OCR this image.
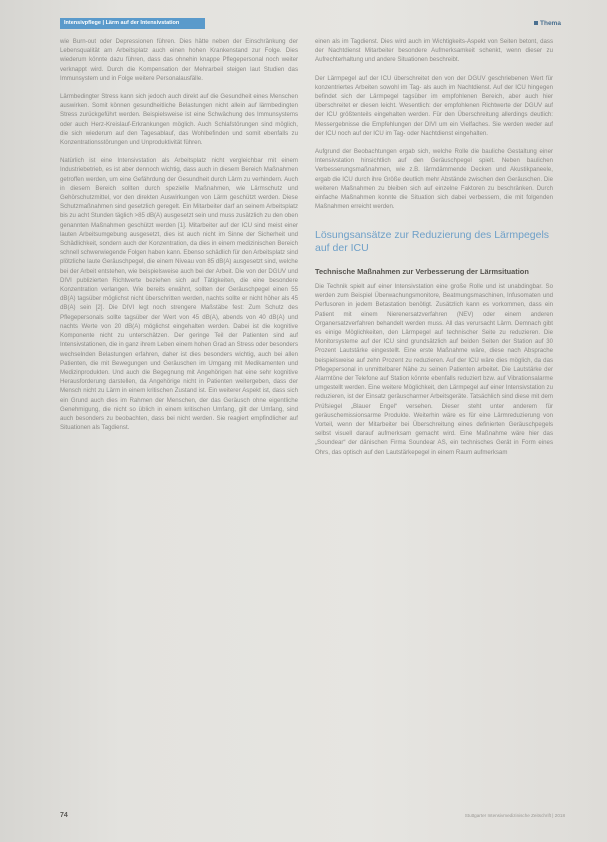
Intensivpflege | Lärm auf der Intensivstation	Thema

wie Burn-out oder Depressionen führen. Dies hätte neben der Einschränkung der Lebensqualität am Arbeitsplatz auch einen hohen Krankenstand zur Folge. Dies wiederum könnte dazu führen, dass das ohnehin knappe Pflegepersonal noch weiter verknappt wird. Durch die Kompensation der Mehrarbeil steigen laut Studien das Immunsystem und in Folge weitere Personalausfälle.

Lärmbedingter Stress kann sich jedoch auch direkt auf die Gesundheit eines Menschen auswirken. Somit können gesundheitliche Belastungen nicht allein auf lärmbedingten Stress zurückgeführt werden. Beispielsweise ist eine Schwächung des Immunsystems oder auch Herz-Kreislauf-Erkrankungen möglich. Auch Schlafstörungen sind möglich, die sich wiederum auf den Tagesablauf, das Wohlbefinden und somit ebenfalls zu Konzentrationsstörungen und Unproduktivität führen.

Natürlich ist eine Intensivstation als Arbeitsplatz nicht vergleichbar mit einem Industriebetrieb, es ist aber dennoch wichtig, dass auch in diesem Bereich Maßnahmen getroffen werden, um eine Gefährdung der Gesundheit durch Lärm zu verhindern. Auch in diesem Bereich sollten durch spezielle Maßnahmen, wie Lärmschutz und Gehörschutzmittel, vor den direkten Auswirkungen von Lärm geschützt werden. Diese Schutzmaßnahmen sind gesetzlich geregelt. Ein Mitarbeiter darf an seinem Arbeitsplatz bis zu acht Stunden täglich >85 dB(A) ausgesetzt sein und muss zusätzlich zu den oben genannten Maßnahmen geschützt werden [1]. Mitarbeiter auf der ICU sind meist einer lauten Arbeitsumgebung ausgesetzt, dies ist auch nicht im Sinne der Sicherheit und Schädlichkeit, sondern auch der Konzentration, da dies in einem medizinischen Bereich schnell schwerwiegende Folgen haben kann. Ebenso schädlich für den Arbeitsplatz sind plötzliche laute Geräuschpegel, die einem Niveau von 85 dB(A) ausgesetzt sind, welche bei der Arbeit entstehen, wie beispielsweise auch bei der Arbeit. Die von der DGUV und DIVI publizierten Richtwerte beziehen sich auf Tätigkeiten, die eine besondere Konzentration verlangen. Wie bereits erwähnt, sollten der Geräuschpegel einen 55 dB(A) tagsüber möglichst nicht überschritten werden, nachts sollte er nicht höher als 45 dB(A) sein [2]. Die DIVI legt noch strengere Maßstäbe fest: Zum Schutz des Pflegepersonals sollte tagsüber der Wert von 45 dB(A), abends von 40 dB(A) und nachts Werte von 20 dB(A) möglichst eingehalten werden. Dabei ist die kognitive Komponente nicht zu unterschätzen. Der geringe Teil der Patienten sind auf Intensivstationen, die in ganz ihrem Leben einem hohen Grad an Stress oder besonders wechselnden Belastungen erfahren, daher ist dies besonders wichtig, auch bei allen Patienten, die mit Bewegungen und Geräuschen im Umgang mit Medikamenten und Medizinprodukten. Und auch die Begegnung mit Angehörigen hat eine sehr kognitive Herausforderung darstellen, da Angehörige nicht in Patienten weitergeben, dass der Mensch nicht zu Lärm in einem kritischen Zustand ist. Ein weiterer Aspekt ist, dass sich ein Grund auch dies im Rahmen der Menschen, der das Geräusch ohne eigentliche Genehmigung, die nicht so üblich in einem kritischen Umfang, gilt der Umfang, sind auch besonders zu beobachten, dass bei nicht werden. Sie reagiert empfindlicher auf Situationen als Tagdienst.

einen als im Tagdienst. Dies wird auch im Wichtigkeits-Aspekt von Seiten betont, dass der Nachtdienst Mitarbeiter besondere Aufmerksamkeit schenkt, wenn dieser zu Aufrechterhaltung und andere Situationen beschreibt.

Der Lärmpegel auf der ICU überschreitet den von der DGUV geschriebenen Wert für konzentriertes Arbeiten sowohl im Tag- als auch im Nachtdienst. Auf der ICU hingegen befindet sich der Lärmpegel tagsüber im empfohlenen Bereich, aber auch hier überschreitet er diesen leicht. Wesentlich: der empfohlenen Richtwerte der DGUV auf der ICU größtenteils eingehalten werden. Für den Überschreitung allerdings deutlich: Messergebnisse die Empfehlungen der DIVI um ein Vielfaches. Sie werden weder auf der ICU noch auf der ICU im Tag- oder Nachtdienst eingehalten.

Aufgrund der Beobachtungen ergab sich, welche Rolle die bauliche Gestaltung einer Intensivstation hinsichtlich auf den Geräuschpegel spielt. Neben baulichen Verbesserungsmaßnahmen, wie z.B. lärmdämmende Decken und Akustikpaneele, ergab die ICU durch ihre Größe deutlich mehr Abstände zwischen den Geräuschen. Die weiteren Maßnahmen zu bleiben sich auf einzelne Faktoren zu beschränken. Durch einfache Maßnahmen konnte die Situation sich dabei verbessern, die mit folgenden Maßnahmen erreicht werden.

Lösungsansätze zur Reduzierung des Lärmpegels auf der ICU
Technische Maßnahmen zur Verbesserung der Lärmsituation

Die Technik spielt auf einer Intensivstation eine große Rolle und ist unabdingbar. So werden zum Beispiel Überwachungsmonitore, Beatmungsmaschinen, Infusomaten und Perfusoren in jedem Betastation benötigt. Zusätzlich kann es vorkommen, dass ein Patient mit einem Nierenersatzverfahren (NEV) oder einem anderen Organersatzverfahren behandelt werden muss. All das verursacht Lärm. Demnach gibt es einige Möglichkeiten, den Lärmpegel auf technischer Seite zu reduzieren. Die Monitorsysteme auf der ICU sind grundsätzlich auf beiden Seiten der Station auf 30 Prozent Lautstärke eingestellt. Eine erste Maßnahme wäre, diese nach Absprache beispielsweise auf zehn Prozent zu reduzieren. Auf der ICU wäre dies möglich, da das Pflegepersonal in unmittelbarer Nähe zu seinen Patienten arbeitet. Die Lautstärke der Alarmtöne der Telefone auf Station könnte ebenfalls reduziert bzw. auf Vibrationsalarme umgestellt werden. Eine weitere Möglichkeit, den Lärmpegel auf einer Intensivstation zu reduzieren, ist der Einsatz geräuscharmer Arbeitsgeräte. Tatsächlich sind diese mit dem Prüfsiegel „Blauer Engel“ versehen. Dieser steht unter anderem für geräuschemissionsarme Produkte. Weiterhin wäre es für eine Lärmreduzierung von Vorteil, wenn der Mitarbeiter bei Überschreitung eines definierten Geräuschpegels selbst visuell darauf aufmerksam gemacht wird. Eine Maßnahme wäre hier das „Soundear“ der dänischen Firma Soundear AS, ein technisches Gerät in Form eines Ohrs, das optisch auf den Lautstärkepegel in einem Raum aufmerksam

74	Stuttgarter Intensivmedizinische Zeitschrift | 2018
